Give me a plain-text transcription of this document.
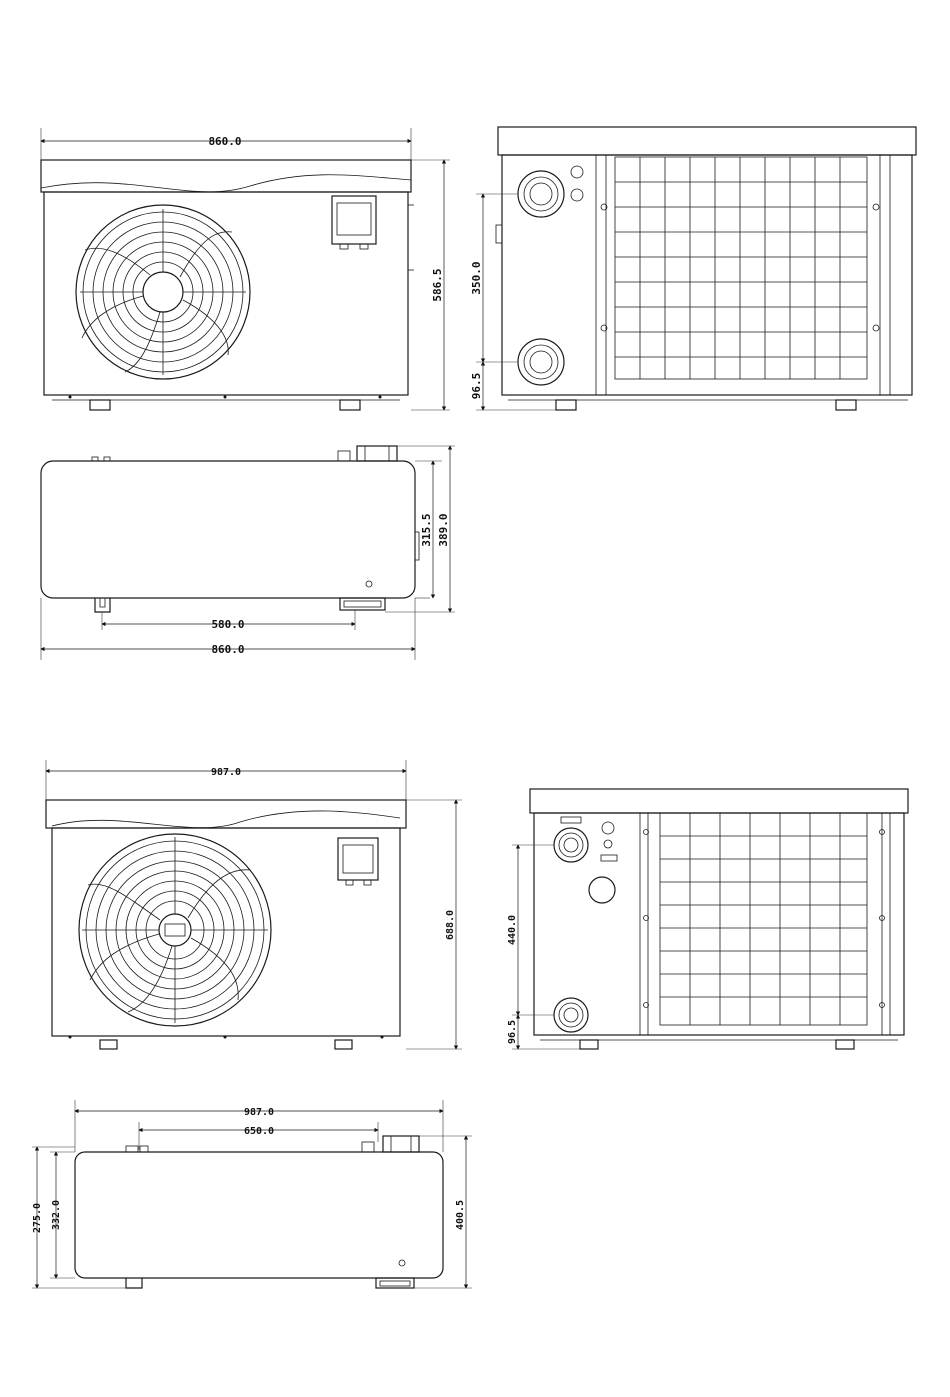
860.0
586.5 350.0
96.5
315.5 389.0
580.0
860.0
987.0
688.0	440.0
96.5
987.0
650.0
275.0 332.0	400.5
